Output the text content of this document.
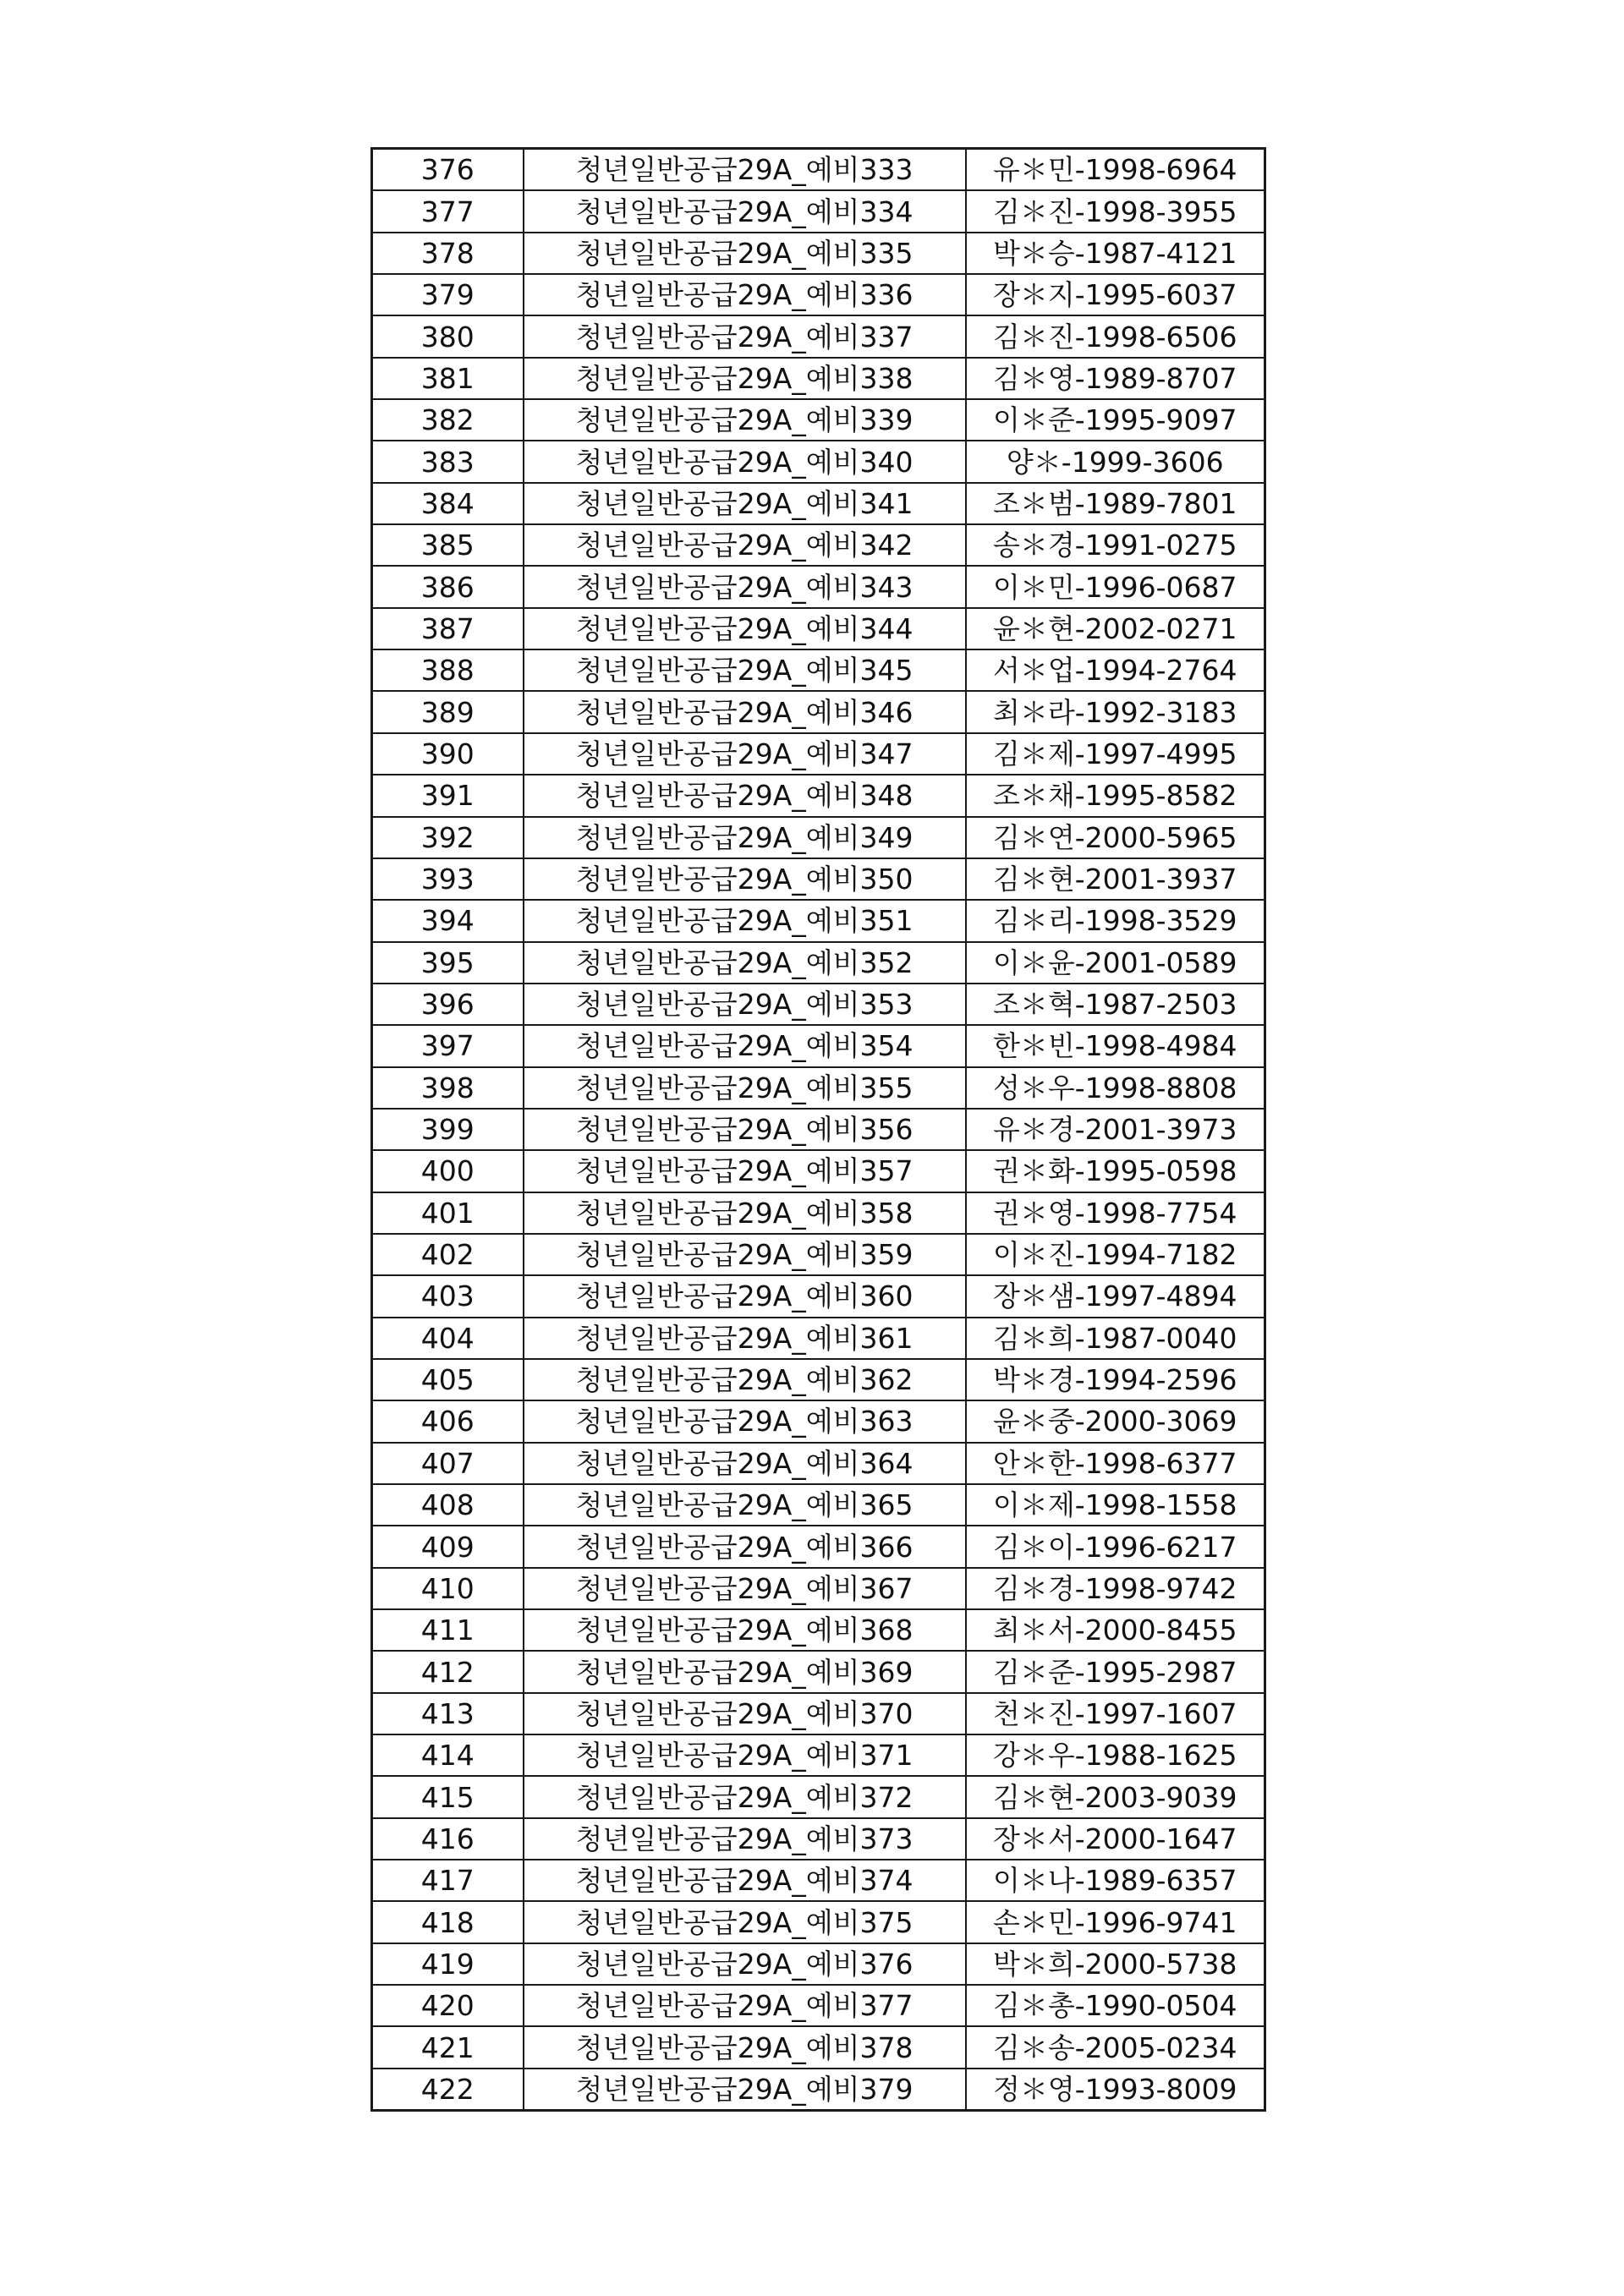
376	청년일반공급29A_예비333	유＊민-1998-6964
377	청년일반공급29A_예비334	김＊진-1998-3955
378	청년일반공급29A_예비335	박＊승-1987-4121
379	청년일반공급29A_예비336	장＊지-1995-6037
380	청년일반공급29A_예비337	김＊진-1998-6506
381	청년일반공급29A_예비338	김＊영-1989-8707
382	청년일반공급29A_예비339	이＊준-1995-9097
383	청년일반공급29A_예비340	양＊-1999-3606
384	청년일반공급29A_예비341	조＊범-1989-7801
385	청년일반공급29A_예비342	송＊경-1991-0275
386	청년일반공급29A_예비343	이＊민-1996-0687
387	청년일반공급29A_예비344	윤＊현-2002-0271
388	청년일반공급29A_예비345	서＊업-1994-2764
389	청년일반공급29A_예비346	최＊라-1992-3183
390	청년일반공급29A_예비347	김＊제-1997-4995
391	청년일반공급29A_예비348	조＊채-1995-8582
392	청년일반공급29A_예비349	김＊연-2000-5965
393	청년일반공급29A_예비350	김＊현-2001-3937
394	청년일반공급29A_예비351	김＊리-1998-3529
395	청년일반공급29A_예비352	이＊윤-2001-0589
396	청년일반공급29A_예비353	조＊혁-1987-2503
397	청년일반공급29A_예비354	한＊빈-1998-4984
398	청년일반공급29A_예비355	성＊우-1998-8808
399	청년일반공급29A_예비356	유＊경-2001-3973
400	청년일반공급29A_예비357	권＊화-1995-0598
401	청년일반공급29A_예비358	권＊영-1998-7754
402	청년일반공급29A_예비359	이＊진-1994-7182
403	청년일반공급29A_예비360	장＊샘-1997-4894
404	청년일반공급29A_예비361	김＊희-1987-0040
405	청년일반공급29A_예비362	박＊경-1994-2596
406	청년일반공급29A_예비363	윤＊중-2000-3069
407	청년일반공급29A_예비364	안＊한-1998-6377
408	청년일반공급29A_예비365	이＊제-1998-1558
409	청년일반공급29A_예비366	김＊이-1996-6217
410	청년일반공급29A_예비367	김＊경-1998-9742
411	청년일반공급29A_예비368	최＊서-2000-8455
412	청년일반공급29A_예비369	김＊준-1995-2987
413	청년일반공급29A_예비370	천＊진-1997-1607
414	청년일반공급29A_예비371	강＊우-1988-1625
415	청년일반공급29A_예비372	김＊현-2003-9039
416	청년일반공급29A_예비373	장＊서-2000-1647
417	청년일반공급29A_예비374	이＊나-1989-6357
418	청년일반공급29A_예비375	손＊민-1996-9741
419	청년일반공급29A_예비376	박＊희-2000-5738
420	청년일반공급29A_예비377	김＊총-1990-0504
421	청년일반공급29A_예비378	김＊송-2005-0234
422	청년일반공급29A_예비379	정＊영-1993-8009
